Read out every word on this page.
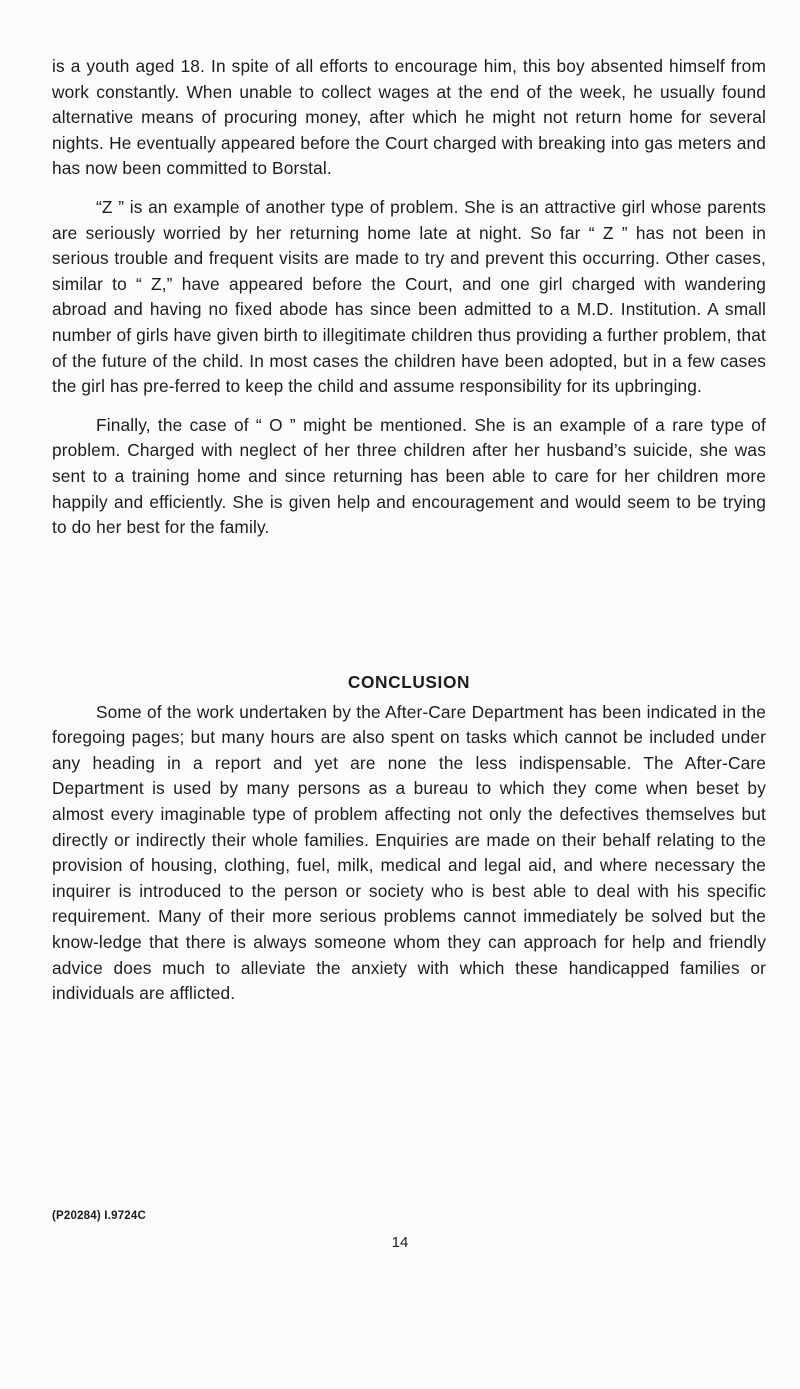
is a youth aged 18. In spite of all efforts to encourage him, this boy absented himself from work constantly. When unable to collect wages at the end of the week, he usually found alternative means of procuring money, after which he might not return home for several nights. He eventually appeared before the Court charged with breaking into gas meters and has now been committed to Borstal.

“Z ” is an example of another type of problem. She is an attractive girl whose parents are seriously worried by her returning home late at night. So far “ Z ” has not been in serious trouble and frequent visits are made to try and prevent this occurring. Other cases, similar to “ Z,” have appeared before the Court, and one girl charged with wandering abroad and having no fixed abode has since been admitted to a M.D. Institution. A small number of girls have given birth to illegitimate children thus providing a further problem, that of the future of the child. In most cases the children have been adopted, but in a few cases the girl has pre-ferred to keep the child and assume responsibility for its upbringing.

Finally, the case of “ O ” might be mentioned. She is an example of a rare type of problem. Charged with neglect of her three children after her husband’s suicide, she was sent to a training home and since returning has been able to care for her children more happily and efficiently. She is given help and encouragement and would seem to be trying to do her best for the family.

CONCLUSION

Some of the work undertaken by the After-Care Department has been indicated in the foregoing pages; but many hours are also spent on tasks which cannot be included under any heading in a report and yet are none the less indispensable. The After-Care Department is used by many persons as a bureau to which they come when beset by almost every imaginable type of problem affecting not only the defectives themselves but directly or indirectly their whole families. Enquiries are made on their behalf relating to the provision of housing, clothing, fuel, milk, medical and legal aid, and where necessary the inquirer is introduced to the person or society who is best able to deal with his specific requirement. Many of their more serious problems cannot immediately be solved but the know-ledge that there is always someone whom they can approach for help and friendly advice does much to alleviate the anxiety with which these handicapped families or individuals are afflicted.

(P20284) I.9724C
14
